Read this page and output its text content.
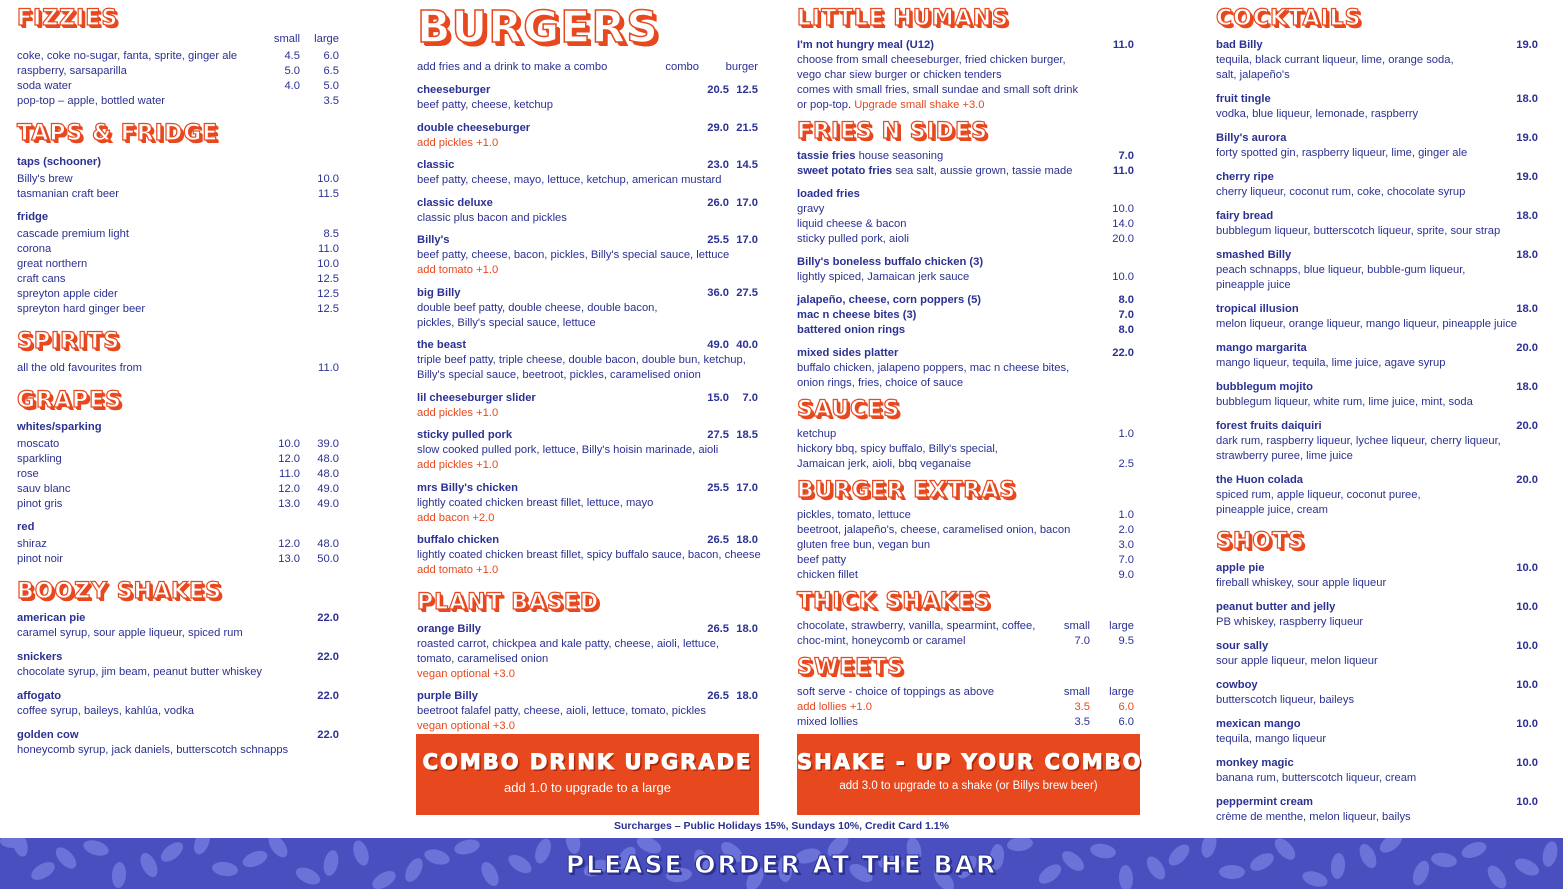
FIZZIES
small large
coke, coke no-sugar, fanta, sprite, ginger ale	4.5 6.0
raspberry, sarsaparilla	5.0 6.5
soda water	4.0 5.0
pop-top – apple, bottled water	3.5
TAPS & FRIDGE
taps (schooner)
Billy's brew	10.0
tasmanian craft beer	11.5
fridge
cascade premium light	8.5
corona	11.0
great northern	10.0
craft cans	12.5
spreyton apple cider	12.5
spreyton hard ginger beer	12.5
SPIRITS
all the old favourites from	11.0
GRAPES
whites/sparking
moscato	10.0 39.0
sparkling	12.0 48.0
rose	11.0 48.0
sauv blanc	12.0 49.0
pinot gris	13.0 49.0
red
shiraz	12.0 48.0
pinot noir	13.0 50.0
BOOZY SHAKES
american pie	22.0
caramel syrup, sour apple liqueur, spiced rum
snickers	22.0
chocolate syrup, jim beam, peanut butter whiskey
affogato	22.0
coffee syrup, baileys, kahlúa, vodka
golden cow	22.0
honeycomb syrup, jack daniels, butterscotch schnapps
BURGERS
add fries and a drink to make a combo	combo burger
cheeseburger	20.5 12.5
beef patty, cheese, ketchup
double cheeseburger	29.0 21.5
add pickles +1.0
classic	23.0 14.5
beef patty, cheese, mayo, lettuce, ketchup, american mustard
classic deluxe	26.0 17.0
classic plus bacon and pickles
Billy's	25.5 17.0
beef patty, cheese, bacon, pickles, Billy's special sauce, lettuce
add tomato +1.0
big Billy	36.0 27.5
double beef patty, double cheese, double bacon,
pickles, Billy's special sauce, lettuce
the beast	49.0 40.0
triple beef patty, triple cheese, double bacon, double bun, ketchup,
Billy's special sauce, beetroot, pickles, caramelised onion
lil cheeseburger slider	15.0 7.0
add pickles +1.0
sticky pulled pork	27.5 18.5
slow cooked pulled pork, lettuce, Billy's hoisin marinade, aioli
add pickles +1.0
mrs Billy's chicken	25.5 17.0
lightly coated chicken breast fillet, lettuce, mayo
add bacon +2.0
buffalo chicken	26.5 18.0
lightly coated chicken breast fillet, spicy buffalo sauce, bacon, cheese
add tomato +1.0
PLANT BASED
orange Billy	26.5 18.0
roasted carrot, chickpea and kale patty, cheese, aioli, lettuce,
tomato, caramelised onion
vegan optional +3.0
purple Billy	26.5 18.0
beetroot falafel patty, cheese, aioli, lettuce, tomato, pickles
vegan optional +3.0
COMBO DRINK UPGRADE
add 1.0 to upgrade to a large
LITTLE HUMANS
I'm not hungry meal (U12)	11.0
choose from small cheeseburger, fried chicken burger,
vego char siew burger or chicken tenders
comes with small fries, small sundae and small soft drink
or pop-top. Upgrade small shake +3.0
FRIES N SIDES
tassie fries house seasoning	7.0
sweet potato fries sea salt, aussie grown, tassie made	11.0
loaded fries
gravy	10.0
liquid cheese & bacon	14.0
sticky pulled pork, aioli	20.0
Billy's boneless buffalo chicken (3)
lightly spiced, Jamaican jerk sauce	10.0
jalapeño, cheese, corn poppers (5)	8.0
mac n cheese bites (3)	7.0
battered onion rings	8.0
mixed sides platter	22.0
buffalo chicken, jalapeno poppers, mac n cheese bites,
onion rings, fries, choice of sauce
SAUCES
ketchup	1.0
hickory bbq, spicy buffalo, Billy's special,
Jamaican jerk, aioli, bbq veganaise	2.5
BURGER EXTRAS
pickles, tomato, lettuce	1.0
beetroot, jalapeño's, cheese, caramelised onion, bacon	2.0
gluten free bun, vegan bun	3.0
beef patty	7.0
chicken fillet	9.0
THICK SHAKES
chocolate, strawberry, vanilla, spearmint, coffee,	small large
choc-mint, honeycomb or caramel	7.0	9.5
SWEETS
soft serve - choice of toppings as above	small large
add lollies +1.0	3.5	6.0
mixed lollies	3.5	6.0
SHAKE - UP YOUR COMBO
add 3.0 to upgrade to a shake (or Billys brew beer)
COCKTAILS
bad Billy	19.0
tequila, black currant liqueur, lime, orange soda,
salt, jalapeño's
fruit tingle	18.0
vodka, blue liqueur, lemonade, raspberry
Billy's aurora	19.0
forty spotted gin, raspberry liqueur, lime, ginger ale
cherry ripe	19.0
cherry liqueur, coconut rum, coke, chocolate syrup
fairy bread	18.0
bubblegum liqueur, butterscotch liqueur, sprite, sour strap
smashed Billy	18.0
peach schnapps, blue liqueur, bubble-gum liqueur,
pineapple juice
tropical illusion	18.0
melon liqueur, orange liqueur, mango liqueur, pineapple juice
mango margarita	20.0
mango liqueur, tequila, lime juice, agave syrup
bubblegum mojito	18.0
bubblegum liqueur, white rum, lime juice, mint, soda
forest fruits daiquiri	20.0
dark rum, raspberry liqueur, lychee liqueur, cherry liqueur,
strawberry puree, lime juice
the Huon colada	20.0
spiced rum, apple liqueur, coconut puree,
pineapple juice, cream
SHOTS
apple pie	10.0
fireball whiskey, sour apple liqueur
peanut butter and jelly	10.0
PB whiskey, raspberry liqueur
sour sally	10.0
sour apple liqueur, melon liqueur
cowboy	10.0
butterscotch liqueur, baileys
mexican mango	10.0
tequila, mango liqueur
monkey magic	10.0
banana rum, butterscotch liqueur, cream
peppermint cream	10.0
crème de menthe, melon liqueur, bailys
Surcharges – Public Holidays 15%, Sundays 10%, Credit Card 1.1%
PLEASE ORDER AT THE BAR
